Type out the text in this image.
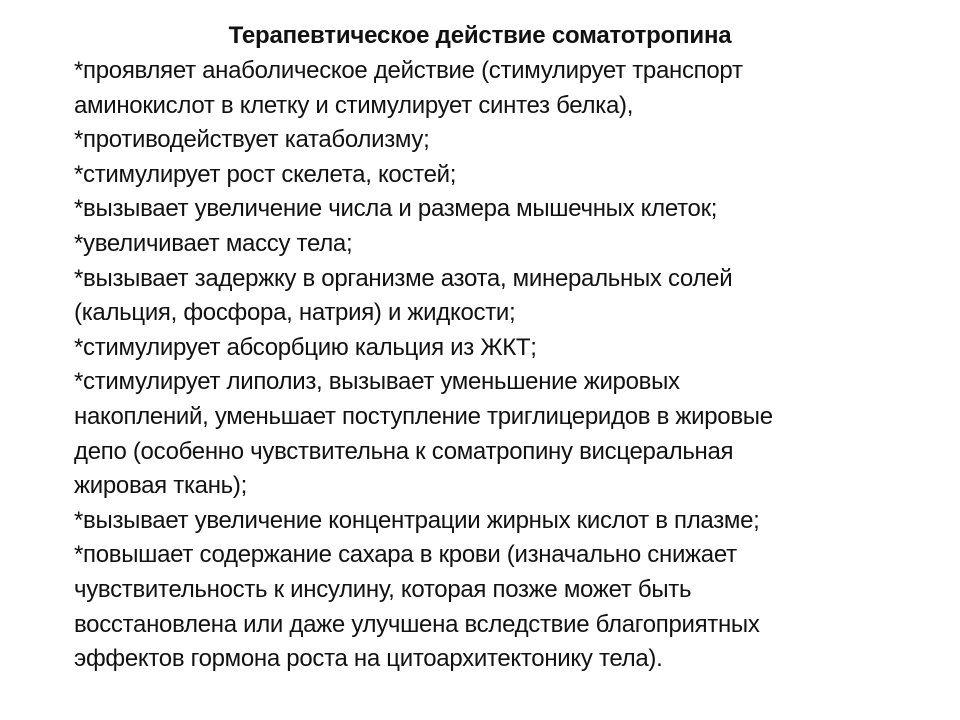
Терапевтическое действие соматотропина
*проявляет анаболическое действие (стимулирует транспорт
аминокислот в клетку и стимулирует синтез белка),
*противодействует катаболизму;
*стимулирует рост скелета, костей;
*вызывает увеличение числа и размера мышечных клеток;
*увеличивает массу тела;
*вызывает задержку в организме азота, минеральных солей
(кальция, фосфора, натрия) и жидкости;
*стимулирует абсорбцию кальция из ЖКТ;
*стимулирует липолиз, вызывает уменьшение жировых
накоплений, уменьшает поступление триглицеридов в жировые
депо (особенно чувствительна к соматропину висцеральная
жировая ткань);
*вызывает увеличение концентрации жирных кислот в плазме;
*повышает содержание сахара в крови (изначально снижает
чувствительность к инсулину, которая позже может быть
восстановлена или даже улучшена вследствие благоприятных
эффектов гормона роста на цитоархитектонику тела).
